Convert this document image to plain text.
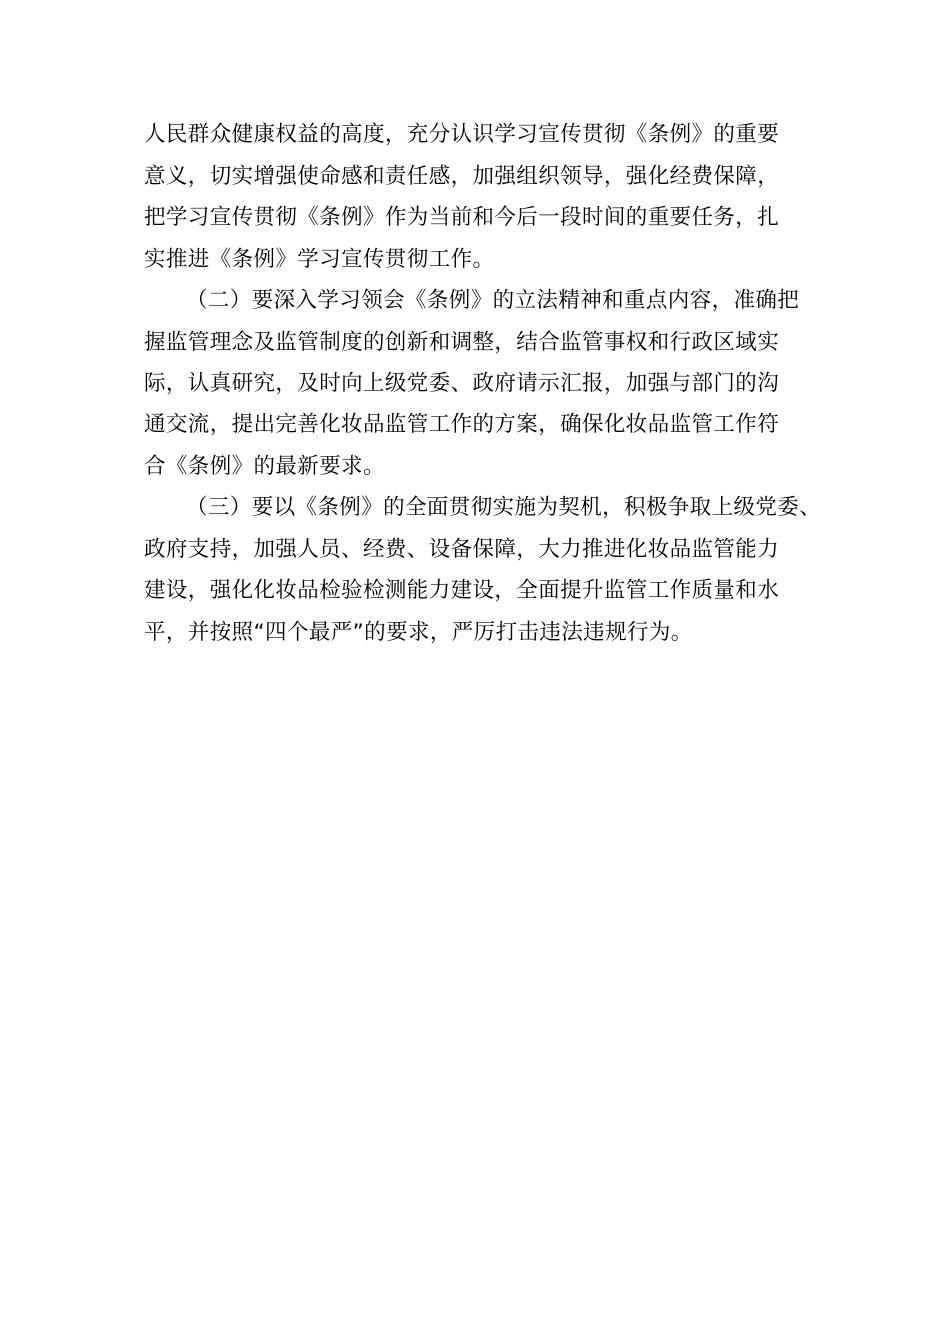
人民群众健康权益的高度，充分认识学习宣传贯彻《条例》的重要

意义，切实增强使命感和责任感，加强组织领导，强化经费保障，

把学习宣传贯彻《条例》作为当前和今后一段时间的重要任务，扎

实推进《条例》学习宣传贯彻工作。

（二）要深入学习领会《条例》的立法精神和重点内容，准确把

握监管理念及监管制度的创新和调整，结合监管事权和行政区域实

际，认真研究，及时向上级党委、政府请示汇报，加强与部门的沟

通交流，提出完善化妆品监管工作的方案，确保化妆品监管工作符

合《条例》的最新要求。

（三）要以《条例》的全面贯彻实施为契机，积极争取上级党委、

政府支持，加强人员、经费、设备保障，大力推进化妆品监管能力

建设，强化化妆品检验检测能力建设，全面提升监管工作质量和水

平，并按照“四个最严”的要求，严厉打击违法违规行为。
